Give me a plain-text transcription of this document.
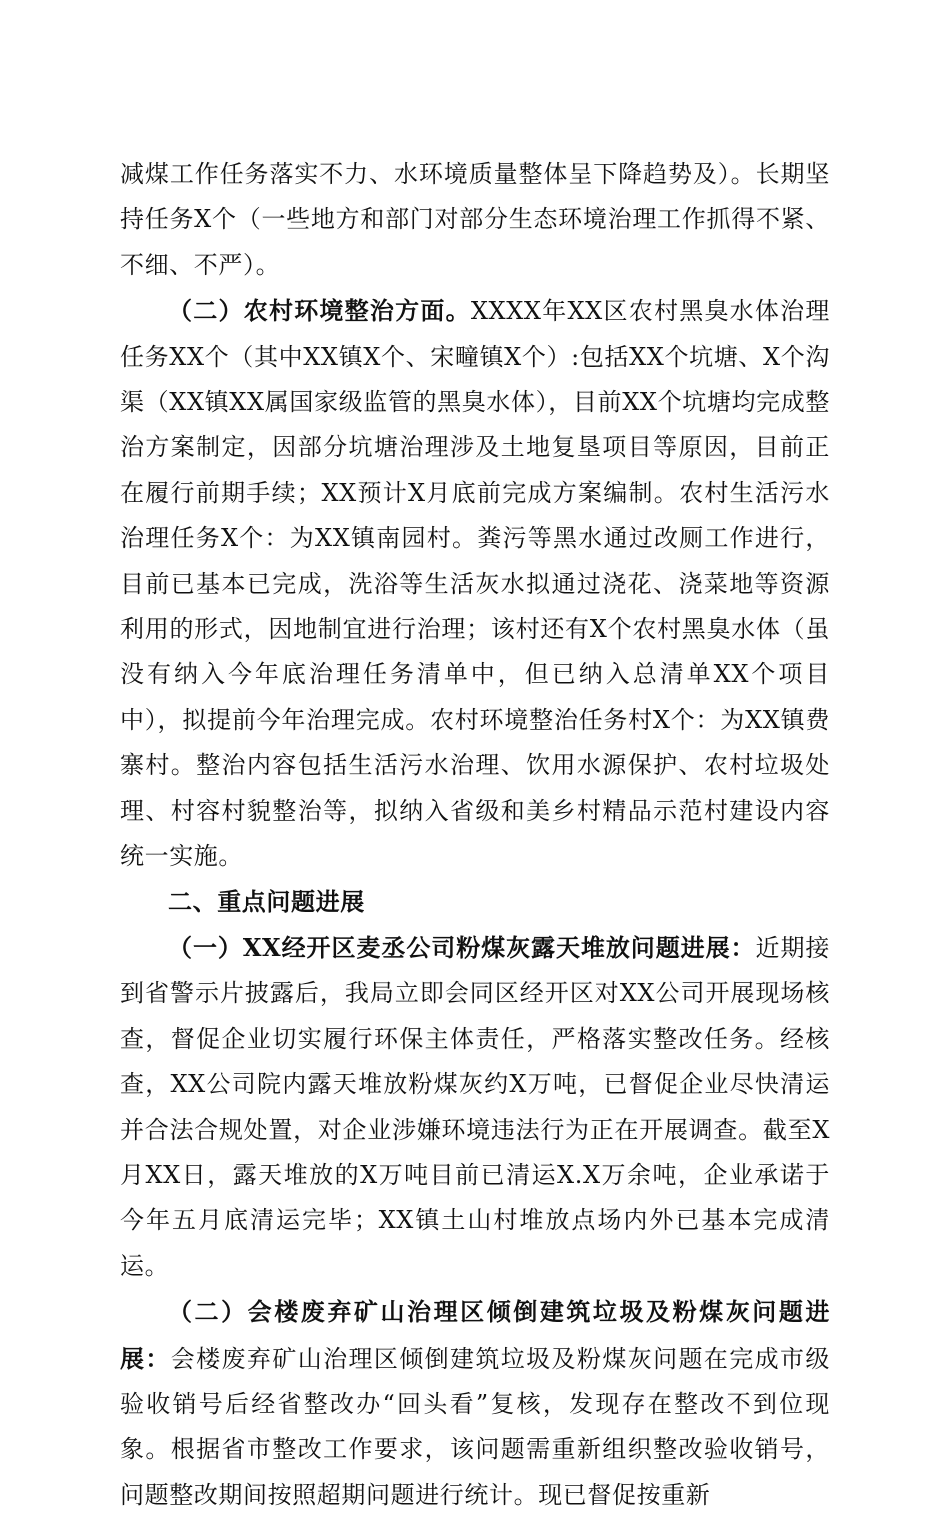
减煤工作任务落实不力、水环境质量整体呈下降趋势及）。长期坚持任务X个（一些地方和部门对部分生态环境治理工作抓得不紧、不细、不严）。

（二）农村环境整治方面。XXXX年XX区农村黑臭水体治理任务XX个（其中XX镇X个、宋疃镇X个）:包括XX个坑塘、X个沟渠（XX镇XX属国家级监管的黑臭水体），目前XX个坑塘均完成整治方案制定，因部分坑塘治理涉及土地复垦项目等原因，目前正在履行前期手续；XX预计X月底前完成方案编制。农村生活污水治理任务X个：为XX镇南园村。粪污等黑水通过改厕工作进行，目前已基本已完成，洗浴等生活灰水拟通过浇花、浇菜地等资源利用的形式，因地制宜进行治理；该村还有X个农村黑臭水体（虽没有纳入今年底治理任务清单中，但已纳入总清单XX个项目中），拟提前今年治理完成。农村环境整治任务村X个：为XX镇费寨村。整治内容包括生活污水治理、饮用水源保护、农村垃圾处理、村容村貌整治等，拟纳入省级和美乡村精品示范村建设内容统一实施。

二、重点问题进展

（一）XX经开区麦丞公司粉煤灰露天堆放问题进展：近期接到省警示片披露后，我局立即会同区经开区对XX公司开展现场核查，督促企业切实履行环保主体责任，严格落实整改任务。经核查，XX公司院内露天堆放粉煤灰约X万吨，已督促企业尽快清运并合法合规处置，对企业涉嫌环境违法行为正在开展调查。截至X月XX日，露天堆放的X万吨目前已清运X.X万余吨，企业承诺于今年五月底清运完毕；XX镇土山村堆放点场内外已基本完成清运。

（二）会楼废弃矿山治理区倾倒建筑垃圾及粉煤灰问题进展：会楼废弃矿山治理区倾倒建筑垃圾及粉煤灰问题在完成市级验收销号后经省整改办“回头看”复核，发现存在整改不到位现象。根据省市整改工作要求，该问题需重新组织整改验收销号，问题整改期间按照超期问题进行统计。现已督促按重新
